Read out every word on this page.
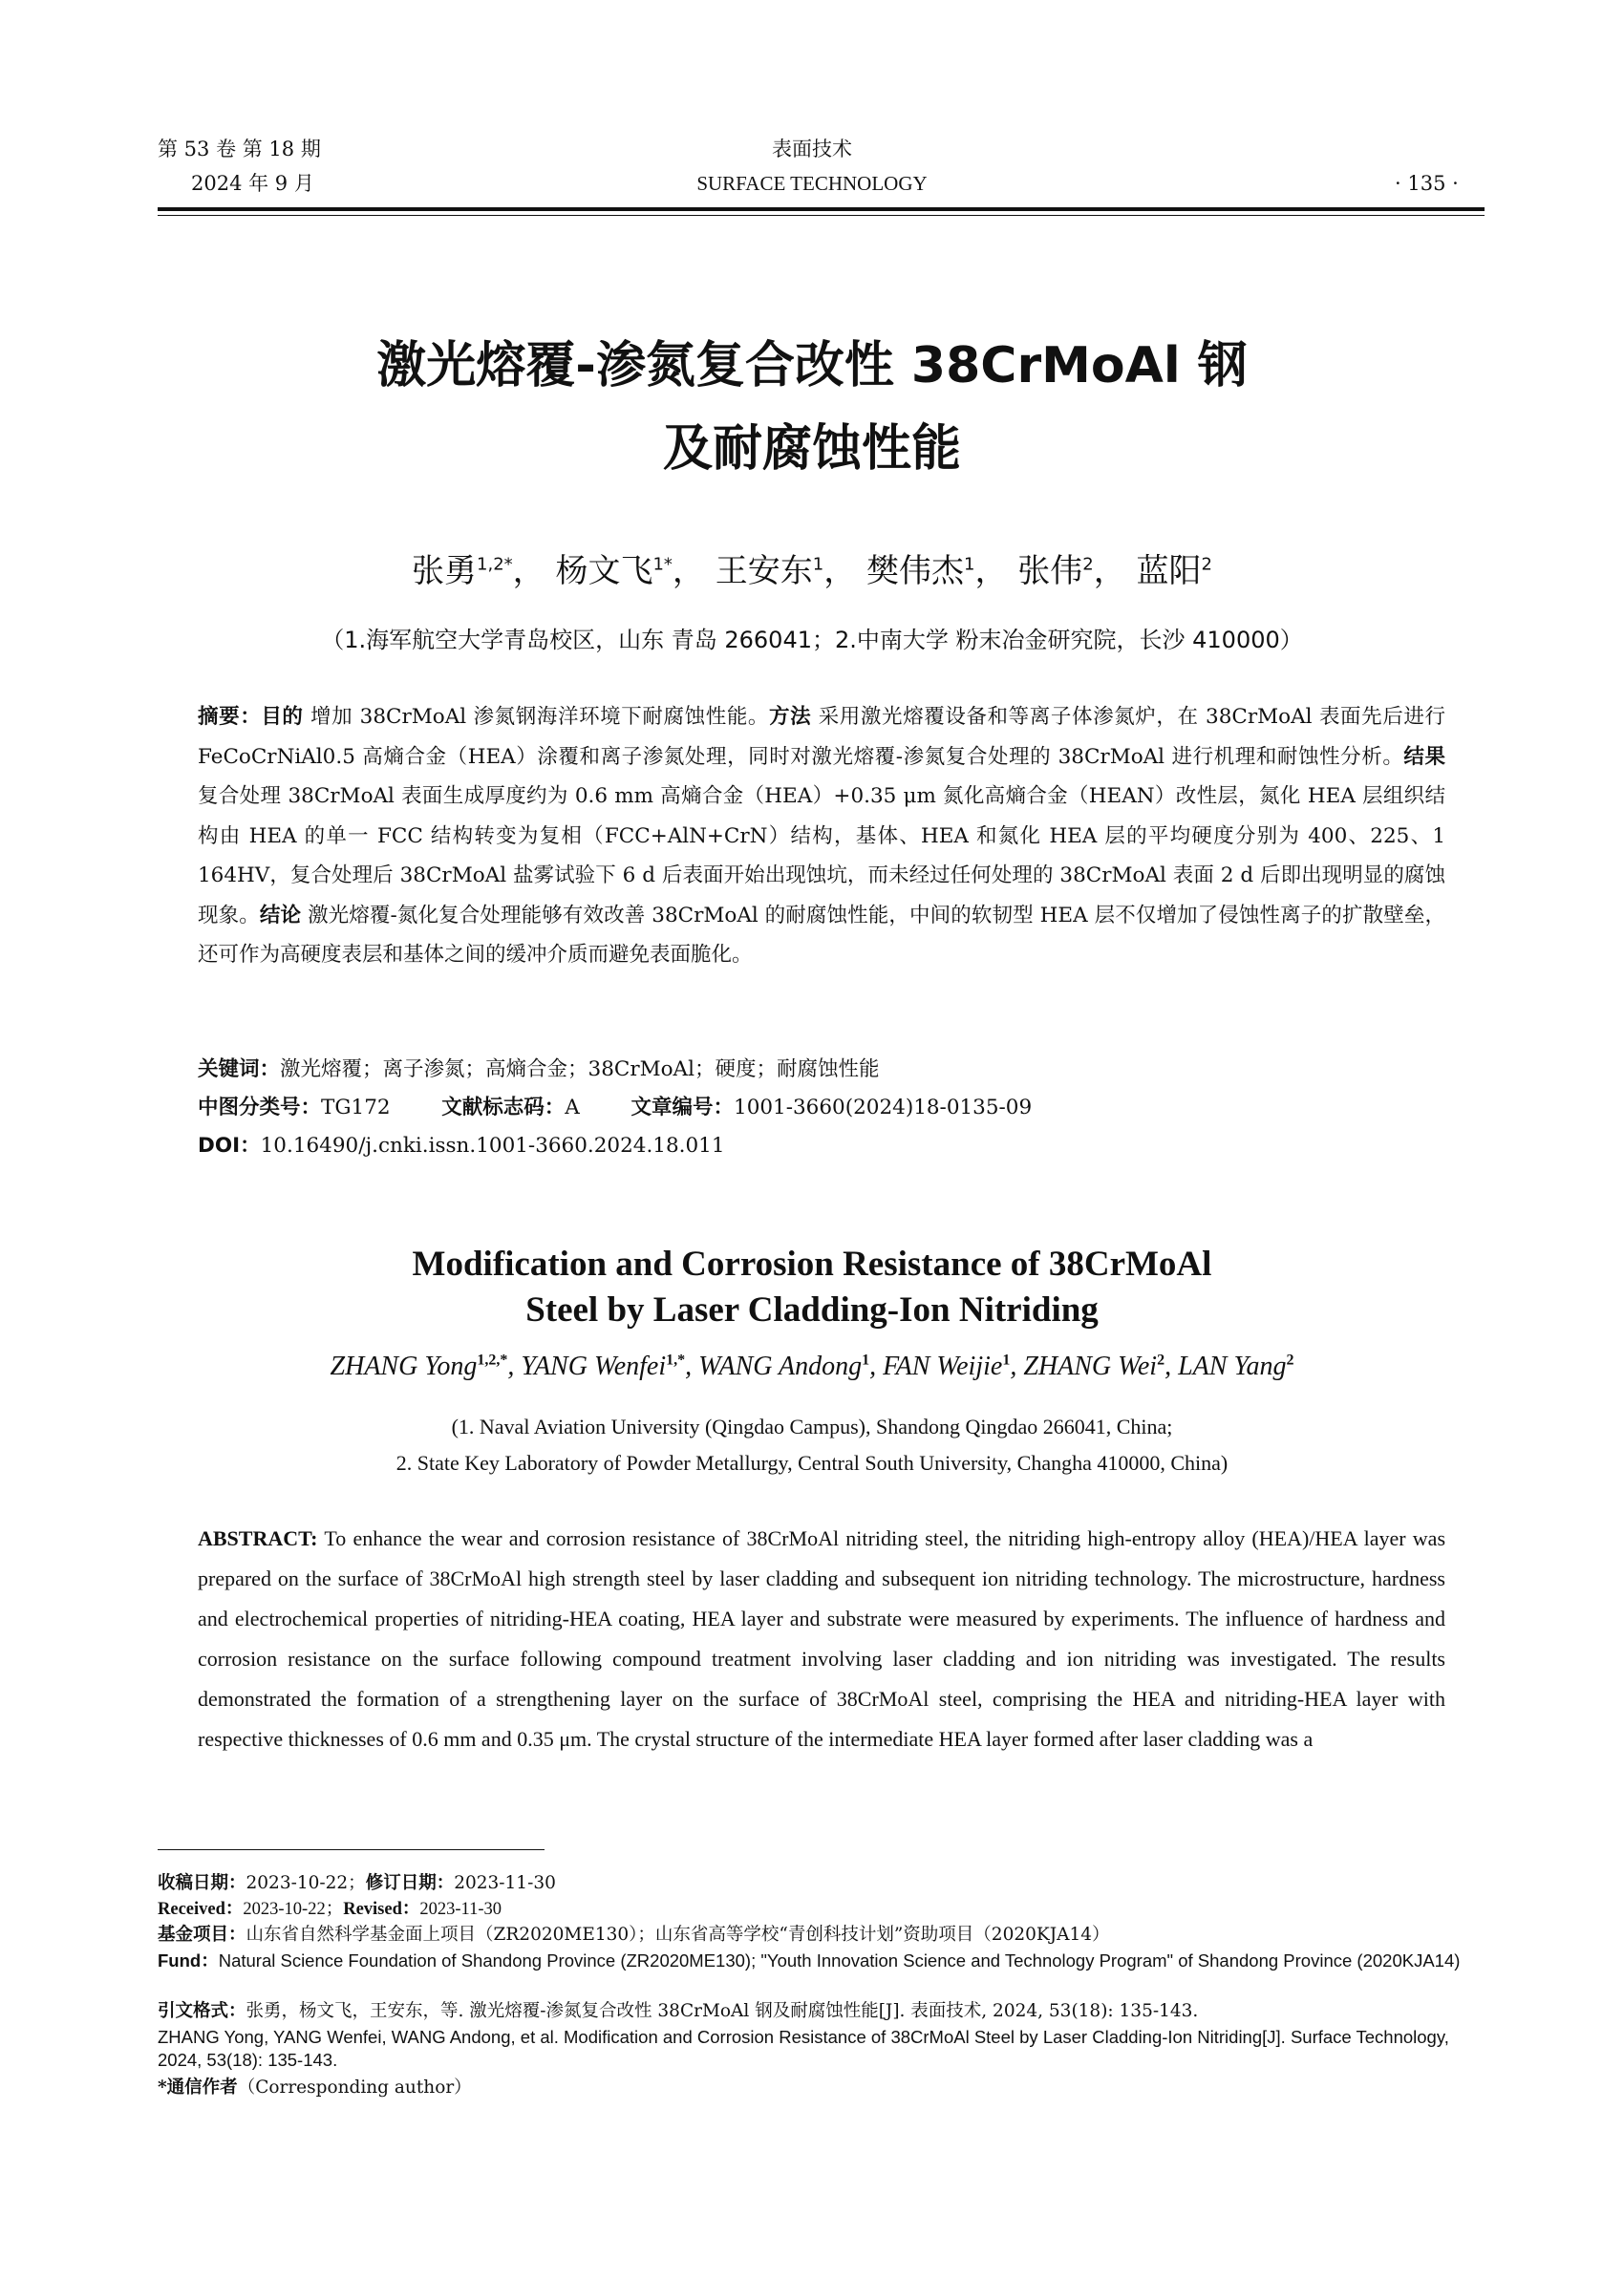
第 53 卷 第 18 期
2024 年 9 月
表面技术
SURFACE TECHNOLOGY	· 135 ·
激光熔覆-渗氮复合改性 38CrMoAl 钢
及耐腐蚀性能
张勇$^{1,2*}$， 杨文飞$^{1*}$， 王安东$^1$， 樊伟杰$^1$， 张伟$^2$， 蓝阳$^2$
（1.海军航空大学青岛校区，山东 青岛 266041；2.中南大学 粉末冶金研究院，长沙 410000）
摘要：目的 增加 38CrMoAl 渗氮钢海洋环境下耐腐蚀性能。方法 采用激光熔覆设备和等离子体渗氮炉，在 38CrMoAl 表面先后进行 FeCoCrNiAl0.5 高熵合金（HEA）涂覆和离子渗氮处理，同时对激光熔覆-渗氮复合处理的 38CrMoAl 进行机理和耐蚀性分析。结果 复合处理 38CrMoAl 表面生成厚度约为 0.6 mm 高熵合金（HEA）+0.35 μm 氮化高熵合金（HEAN）改性层，氮化 HEA 层组织结构由 HEA 的单一 FCC 结构转变为复相（FCC+AlN+CrN）结构，基体、HEA 和氮化 HEA 层的平均硬度分别为 400、225、1 164HV，复合处理后 38CrMoAl 盐雾试验下 6 d 后表面开始出现蚀坑，而未经过任何处理的 38CrMoAl 表面 2 d 后即出现明显的腐蚀现象。结论 激光熔覆-氮化复合处理能够有效改善 38CrMoAl 的耐腐蚀性能，中间的软韧型 HEA 层不仅增加了侵蚀性离子的扩散壁垒，还可作为高硬度表层和基体之间的缓冲介质而避免表面脆化。
关键词：激光熔覆；离子渗氮；高熵合金；38CrMoAl；硬度；耐腐蚀性能
中图分类号：TG172 文献标志码：A 文章编号：1001-3660(2024)18-0135-09
DOI：10.16490/j.cnki.issn.1001-3660.2024.18.011
Modification and Corrosion Resistance of 38CrMoAl
Steel by Laser Cladding-Ion Nitriding
ZHANG Yong$^{1,2,*}$, YANG Wenfei$^{1,*}$, WANG Andong$^1$, FAN Weijie$^1$, ZHANG Wei$^2$, LAN Yang$^2$
(1. Naval Aviation University (Qingdao Campus), Shandong Qingdao 266041, China;
2. State Key Laboratory of Powder Metallurgy, Central South University, Changha 410000, China)
ABSTRACT: To enhance the wear and corrosion resistance of 38CrMoAl nitriding steel, the nitriding high-entropy alloy (HEA)/HEA layer was prepared on the surface of 38CrMoAl high strength steel by laser cladding and subsequent ion nitriding technology. The microstructure, hardness and electrochemical properties of nitriding-HEA coating, HEA layer and substrate were measured by experiments. The influence of hardness and corrosion resistance on the surface following compound treatment involving laser cladding and ion nitriding was investigated. The results demonstrated the formation of a strengthening layer on the surface of 38CrMoAl steel, comprising the HEA and nitriding-HEA layer with respective thicknesses of 0.6 mm and 0.35 μm. The crystal structure of the intermediate HEA layer formed after laser cladding was a
收稿日期：2023-10-22；修订日期：2023-11-30
Received：2023-10-22；Revised：2023-11-30
基金项目：山东省自然科学基金面上项目（ZR2020ME130）；山东省高等学校“青创科技计划”资助项目（2020KJA14）
Fund：Natural Science Foundation of Shandong Province (ZR2020ME130); "Youth Innovation Science and Technology Program" of Shandong Province (2020KJA14)
引文格式：张勇，杨文飞，王安东，等. 激光熔覆-渗氮复合改性 38CrMoAl 钢及耐腐蚀性能[J]. 表面技术, 2024, 53(18): 135-143.
ZHANG Yong, YANG Wenfei, WANG Andong, et al. Modification and Corrosion Resistance of 38CrMoAl Steel by Laser Cladding-Ion Nitriding[J]. Surface Technology, 2024, 53(18): 135-143.
*通信作者（Corresponding author）
